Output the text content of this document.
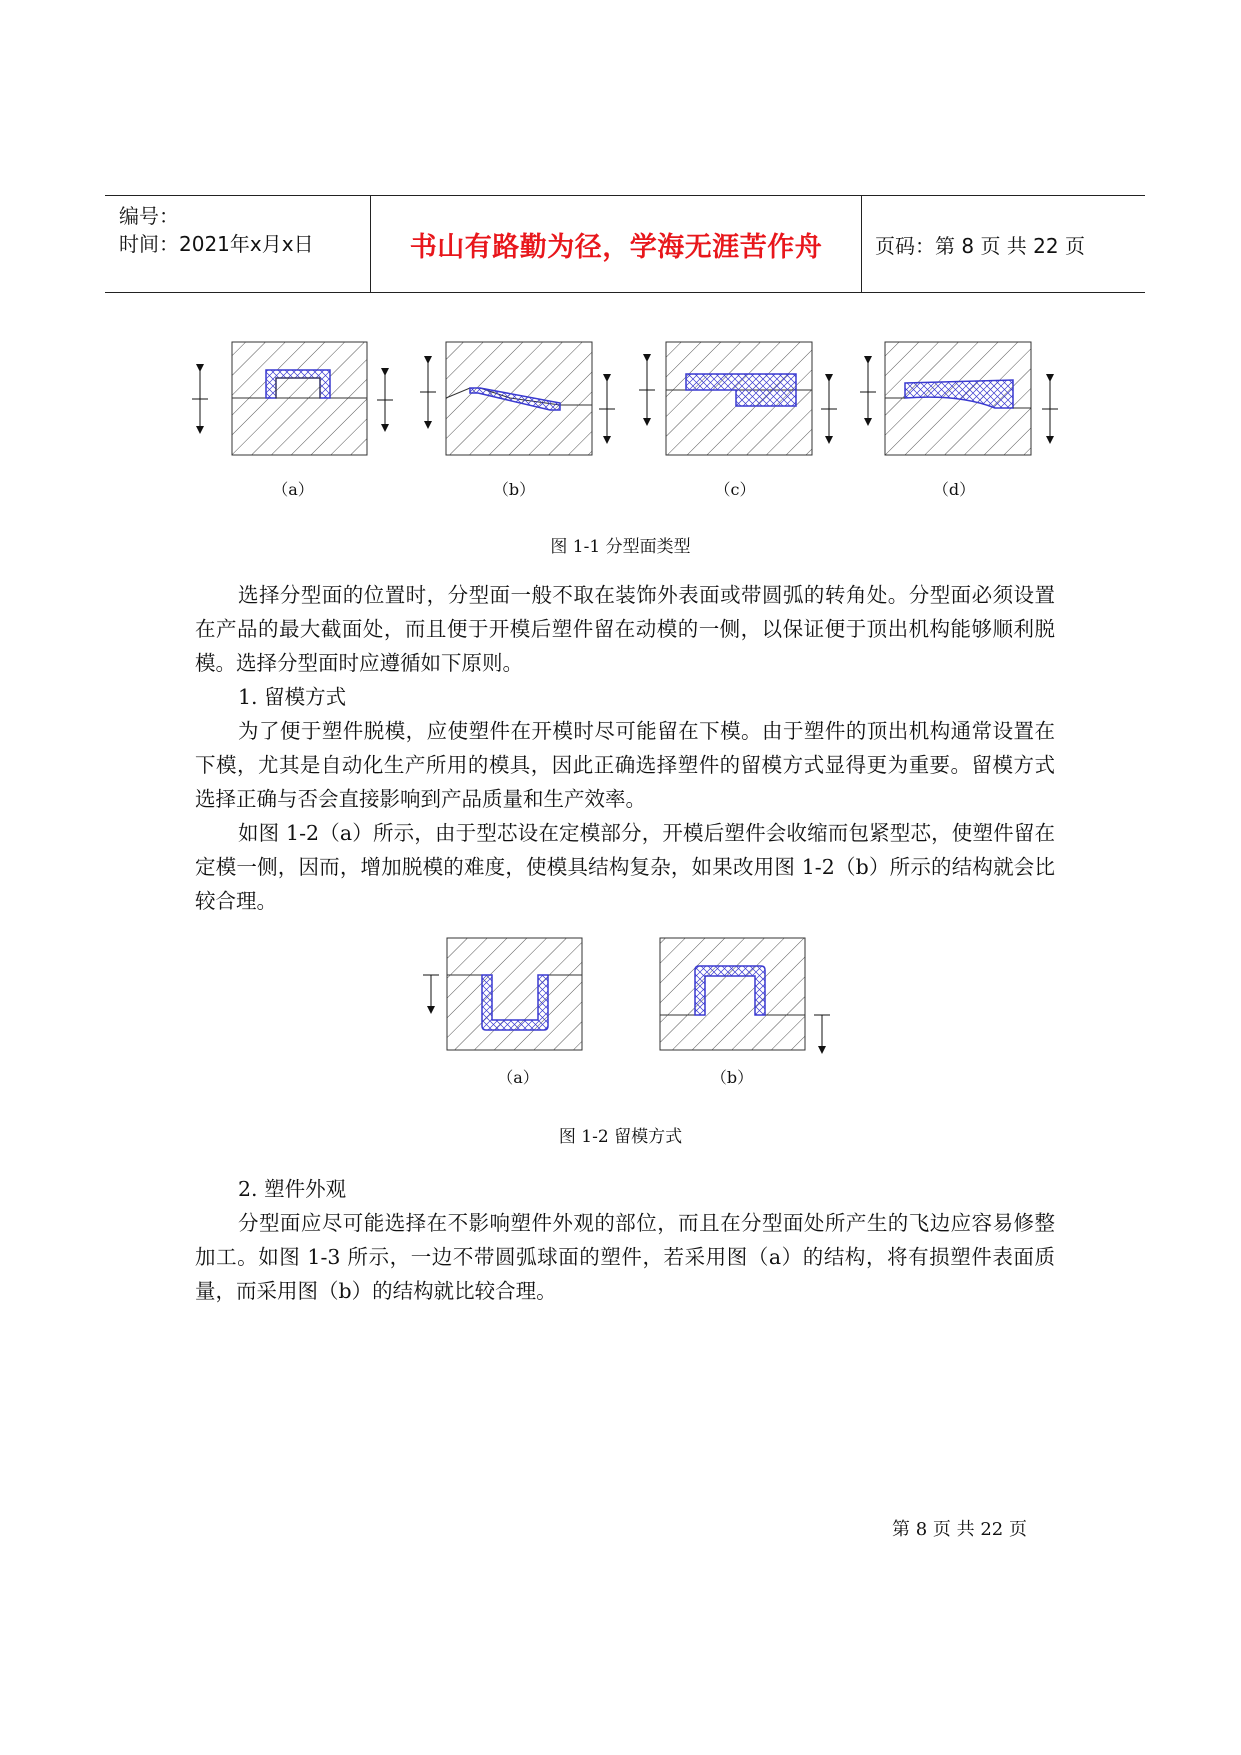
编号：
时间：2021年x月x日	书山有路勤为径，学海无涯苦作舟	页码：第 8 页 共 22 页
（a）	（b）	（c）	（d）
图 1-1 分型面类型
选择分型面的位置时，分型面一般不取在装饰外表面或带圆弧的转角处。分型面必须设置在产品的最大截面处，而且便于开模后塑件留在动模的一侧，以保证便于顶出机构能够顺利脱模。选择分型面时应遵循如下原则。
1. 留模方式
为了便于塑件脱模，应使塑件在开模时尽可能留在下模。由于塑件的顶出机构通常设置在下模，尤其是自动化生产所用的模具，因此正确选择塑件的留模方式显得更为重要。留模方式选择正确与否会直接影响到产品质量和生产效率。
如图 1-2（a）所示，由于型芯设在定模部分，开模后塑件会收缩而包紧型芯，使塑件留在定模一侧，因而，增加脱模的难度，使模具结构复杂，如果改用图 1-2（b）所示的结构就会比较合理。
（a）	（b）
图 1-2 留模方式
2. 塑件外观
分型面应尽可能选择在不影响塑件外观的部位，而且在分型面处所产生的飞边应容易修整加工。如图 1-3 所示，一边不带圆弧球面的塑件，若采用图（a）的结构，将有损塑件表面质量，而采用图（b）的结构就比较合理。
第 8 页 共 22 页
